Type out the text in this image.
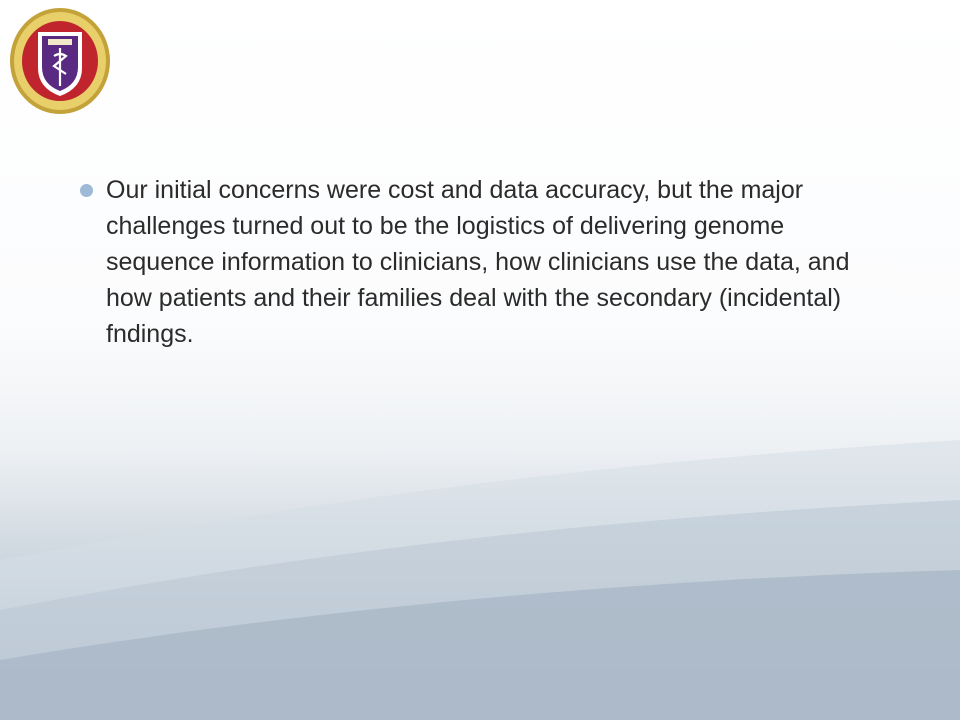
Our initial concerns were cost and data accuracy, but the major challenges turned out to be the logistics of delivering genome sequence information to clinicians, how clinicians use the data, and how patients and their families deal with the secondary (incidental) fndings.
